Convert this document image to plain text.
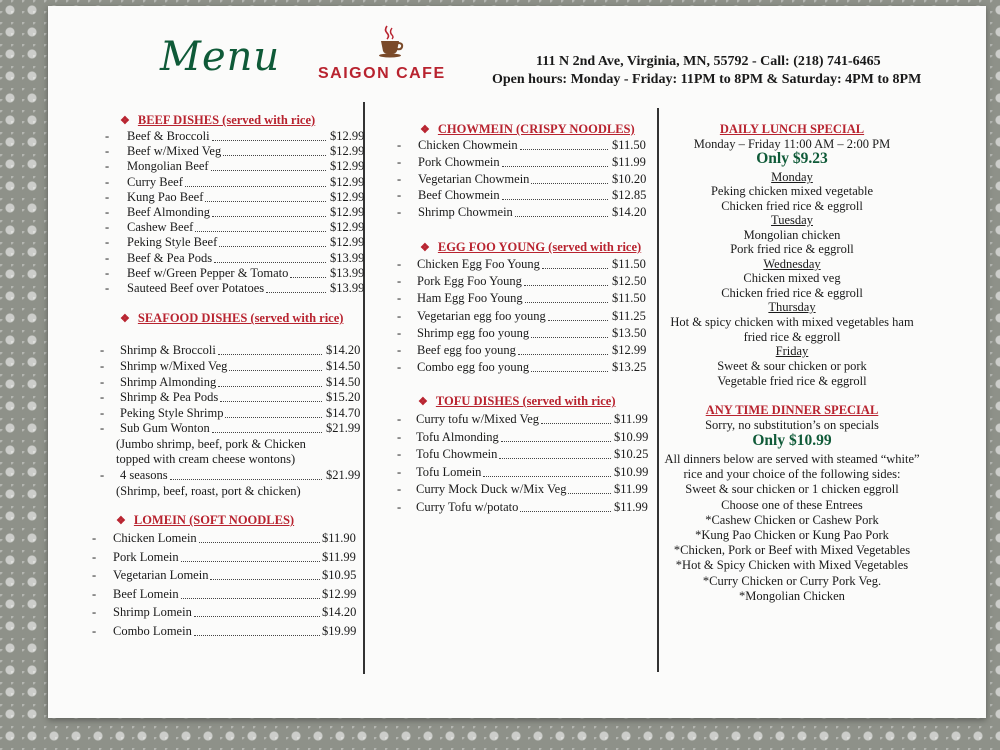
Menu SAIGON CAFE
111 N 2nd Ave, Virginia, MN, 55792 - Call: (218) 741-6465
Open hours: Monday - Friday: 11PM to 8PM & Saturday: 4PM to 8PM
❖ BEEF DISHES (served with rice)
- Beef & Broccoli	$12.99
- Beef w/Mixed Veg	$12.99
- Mongolian Beef	$12.99
- Curry Beef	$12.99
- Kung Pao Beef	$12.99
- Beef Almonding	$12.99
- Cashew Beef	$12.99
- Peking Style Beef	$12.99
- Beef & Pea Pods	$13.99
- Beef w/Green Pepper & Tomato	$13.99
- Sauteed Beef over Potatoes	$13.99
❖ SEAFOOD DISHES (served with rice)
- Shrimp & Broccoli	$14.20
- Shrimp w/Mixed Veg	$14.50
- Shrimp Almonding	$14.50
- Shrimp & Pea Pods	$15.20
- Peking Style Shrimp	$14.70
- Sub Gum Wonton	$21.99
- 4 seasons	$21.99
(Jumbo shrimp, beef, pork & Chicken
topped with cream cheese wontons)
(Shrimp, beef, roast, port & chicken)
❖ LOMEIN (SOFT NOODLES)
- Chicken Lomein	$11.90
- Pork Lomein	$11.99
- Vegetarian Lomein	$10.95
- Beef Lomein	$12.99
- Shrimp Lomein	$14.20
- Combo Lomein	$19.99
❖ CHOWMEIN (CRISPY NOODLES)
- Chicken Chowmein	$11.50
- Pork Chowmein	$11.99
- Vegetarian Chowmein	$10.20
- Beef Chowmein	$12.85
- Shrimp Chowmein	$14.20
❖ EGG FOO YOUNG (served with rice)
- Chicken Egg Foo Young	$11.50
- Pork Egg Foo Young	$12.50
- Ham Egg Foo Young	$11.50
- Vegetarian egg foo young	$11.25
- Shrimp egg foo young	$13.50
- Beef egg foo young	$12.99
- Combo egg foo young	$13.25
❖ TOFU DISHES (served with rice)
- Curry tofu w/Mixed Veg	$11.99
- Tofu Almonding	$10.99
- Tofu Chowmein	$10.25
- Tofu Lomein	$10.99
- Curry Mock Duck w/Mix Veg	$11.99
- Curry Tofu w/potato	$11.99
DAILY LUNCH SPECIAL
Monday – Friday 11:00 AM – 2:00 PM
Only $9.23
Monday
Peking chicken mixed vegetable
Chicken fried rice & eggroll
Tuesday
Mongolian chicken
Pork fried rice & eggroll
Wednesday
Chicken mixed veg
Chicken fried rice & eggroll
Thursday
Hot & spicy chicken with mixed vegetables ham
fried rice & eggroll
Friday
Sweet & sour chicken or pork
Vegetable fried rice & eggroll
ANY TIME DINNER SPECIAL
Sorry, no substitution’s on specials
Only $10.99
All dinners below are served with steamed “white”
rice and your choice of the following sides:
Sweet & sour chicken or 1 chicken eggroll
Choose one of these Entrees
*Cashew Chicken or Cashew Pork
*Kung Pao Chicken or Kung Pao Pork
*Chicken, Pork or Beef with Mixed Vegetables
*Hot & Spicy Chicken with Mixed Vegetables
*Curry Chicken or Curry Pork Veg.
*Mongolian Chicken
